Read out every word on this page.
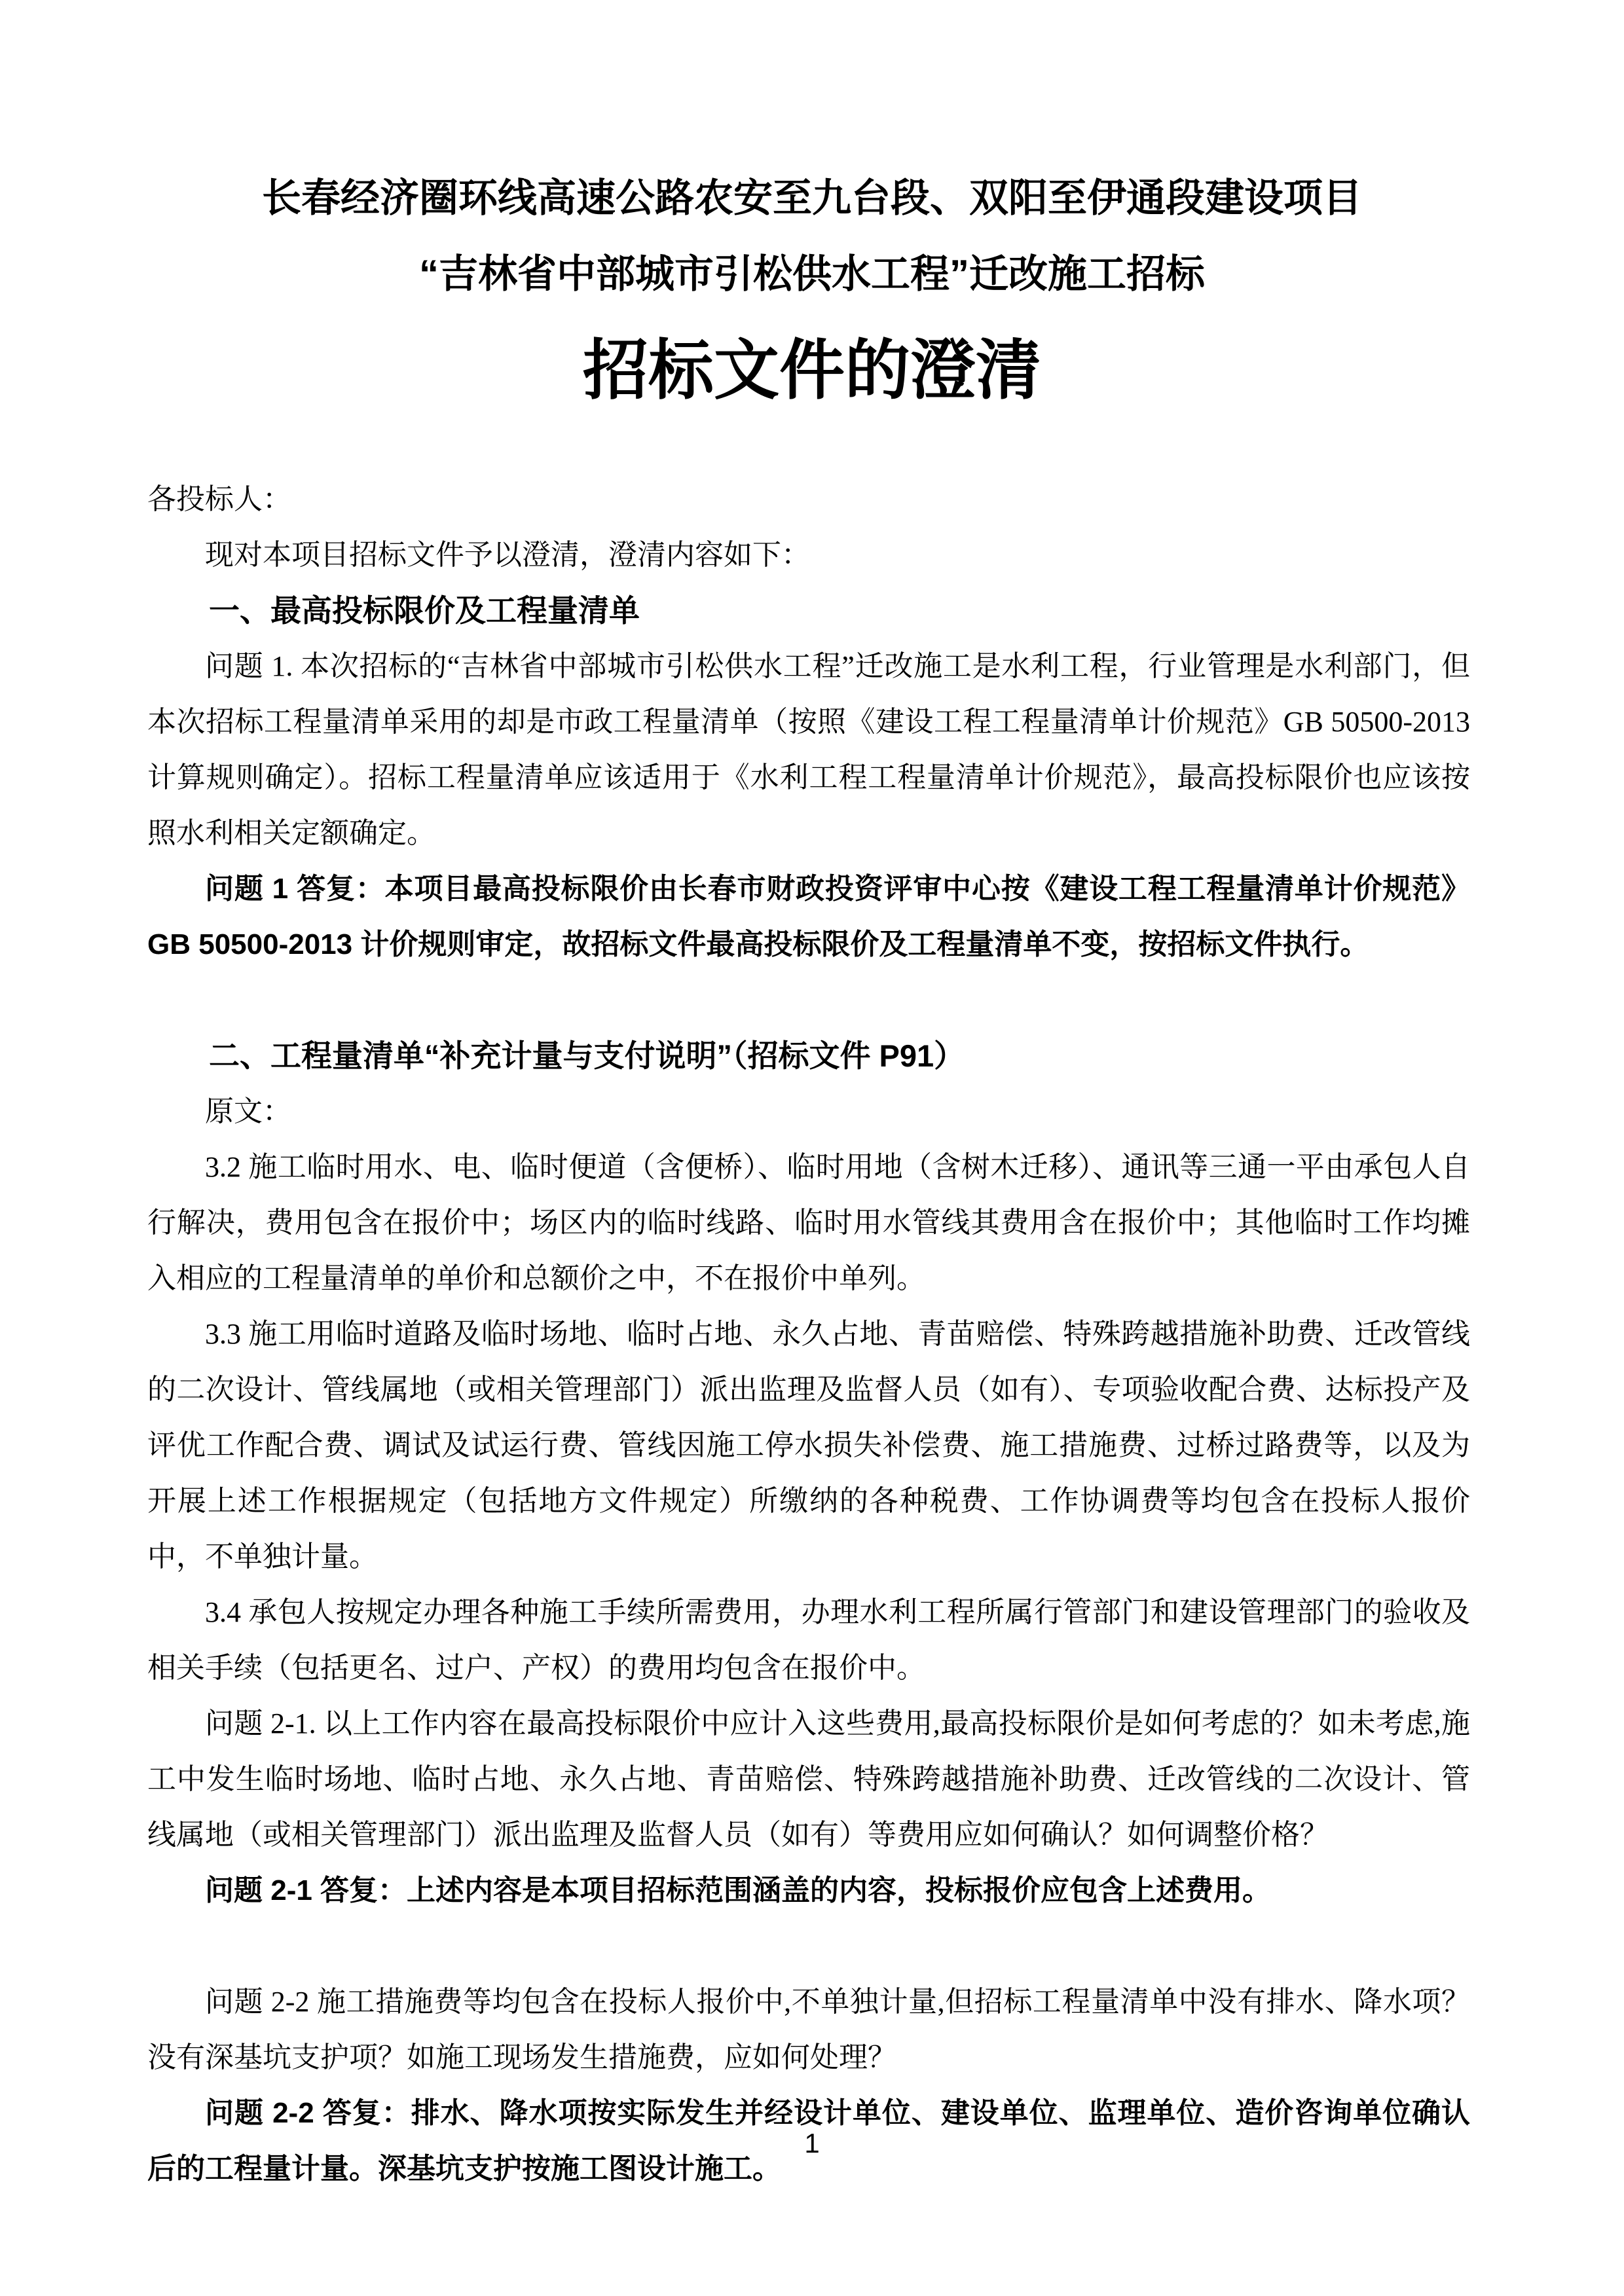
长春经济圈环线高速公路农安至九台段、双阳至伊通段建设项目
“吉林省中部城市引松供水工程”迁改施工招标
招标文件的澄清

各投标人：

现对本项目招标文件予以澄清，澄清内容如下：

一、最高投标限价及工程量清单

问题 1. 本次招标的“吉林省中部城市引松供水工程”迁改施工是水利工程，行业管理是水利部门，但本次招标工程量清单采用的却是市政工程量清单（按照《建设工程工程量清单计价规范》GB 50500-2013 计算规则确定）。招标工程量清单应该适用于《水利工程工程量清单计价规范》，最高投标限价也应该按照水利相关定额确定。

问题 1 答复：本项目最高投标限价由长春市财政投资评审中心按《建设工程工程量清单计价规范》GB 50500-2013 计价规则审定，故招标文件最高投标限价及工程量清单不变，按招标文件执行。

二、工程量清单“补充计量与支付说明”（招标文件 P91）

原文：

3.2 施工临时用水、电、临时便道（含便桥）、临时用地（含树木迁移）、通讯等三通一平由承包人自行解决，费用包含在报价中；场区内的临时线路、临时用水管线其费用含在报价中；其他临时工作均摊入相应的工程量清单的单价和总额价之中，不在报价中单列。

3.3 施工用临时道路及临时场地、临时占地、永久占地、青苗赔偿、特殊跨越措施补助费、迁改管线的二次设计、管线属地（或相关管理部门）派出监理及监督人员（如有）、专项验收配合费、达标投产及评优工作配合费、调试及试运行费、管线因施工停水损失补偿费、施工措施费、过桥过路费等，以及为开展上述工作根据规定（包括地方文件规定）所缴纳的各种税费、工作协调费等均包含在投标人报价中，不单独计量。

3.4 承包人按规定办理各种施工手续所需费用，办理水利工程所属行管部门和建设管理部门的验收及相关手续（包括更名、过户、产权）的费用均包含在报价中。

问题 2-1. 以上工作内容在最高投标限价中应计入这些费用,最高投标限价是如何考虑的？如未考虑,施工中发生临时场地、临时占地、永久占地、青苗赔偿、特殊跨越措施补助费、迁改管线的二次设计、管线属地（或相关管理部门）派出监理及监督人员（如有）等费用应如何确认？如何调整价格？

问题 2-1 答复：上述内容是本项目招标范围涵盖的内容，投标报价应包含上述费用。

问题 2-2 施工措施费等均包含在投标人报价中,不单独计量,但招标工程量清单中没有排水、降水项？没有深基坑支护项？如施工现场发生措施费，应如何处理？

问题 2-2 答复：排水、降水项按实际发生并经设计单位、建设单位、监理单位、造价咨询单位确认后的工程量计量。深基坑支护按施工图设计施工。

1
